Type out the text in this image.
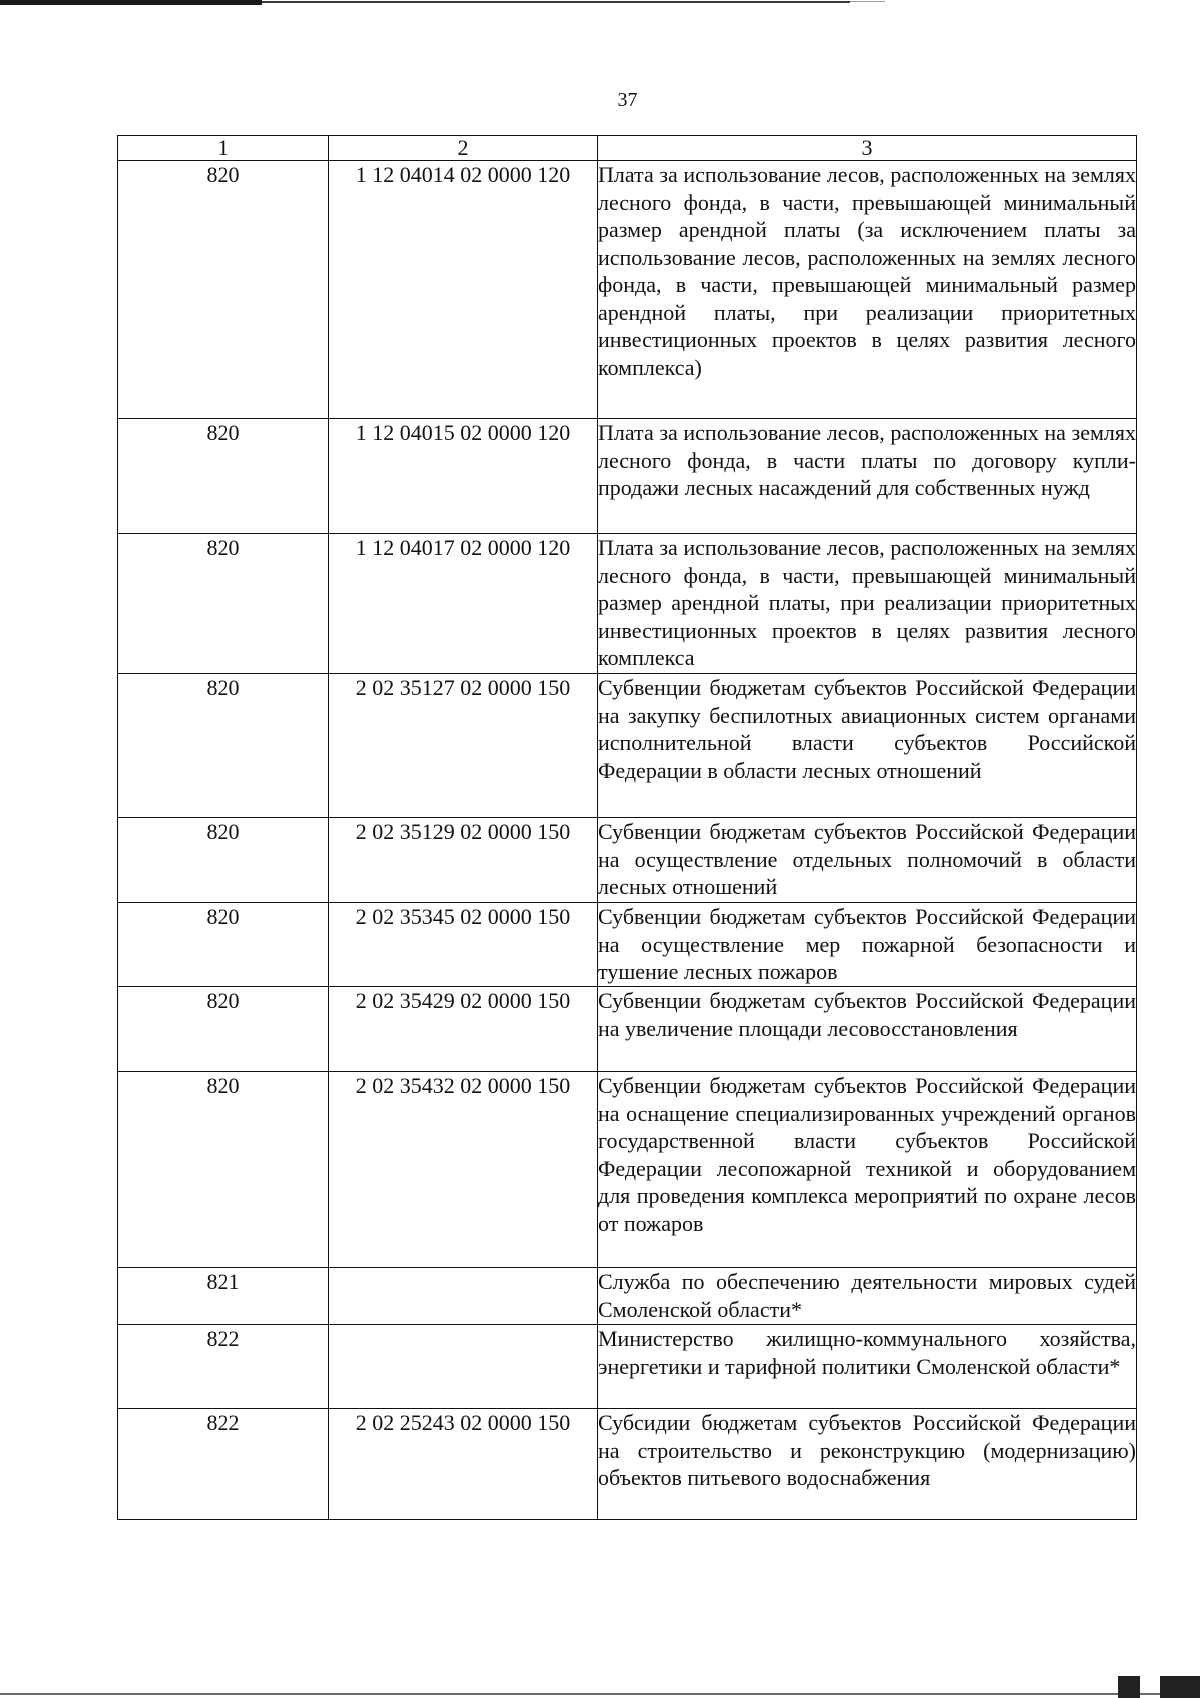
37
1	2	3
820	1 12 04014 02 0000 120	Плата за использование лесов, расположенных на землях лесного фонда, в части, превышающей минимальный размер арендной платы (за исключением платы за использование лесов, расположенных на землях лесного фонда, в части, превышающей минимальный размер арендной платы, при реализации приоритетных инвестиционных проектов в целях развития лесного комплекса)
820	1 12 04015 02 0000 120	Плата за использование лесов, расположенных на землях лесного фонда, в части платы по договору купли-продажи лесных насаждений для собственных нужд
820	1 12 04017 02 0000 120	Плата за использование лесов, расположенных на землях лесного фонда, в части, превышающей минимальный размер арендной платы, при реализации приоритетных инвестиционных проектов в целях развития лесного комплекса
820	2 02 35127 02 0000 150	Субвенции бюджетам субъектов Российской Федерации на закупку беспилотных авиационных систем органами исполнительной власти субъектов Российской Федерации в области лесных отношений
820	2 02 35129 02 0000 150	Субвенции бюджетам субъектов Российской Федерации на осуществление отдельных полномочий в области лесных отношений
820	2 02 35345 02 0000 150	Субвенции бюджетам субъектов Российской Федерации на осуществление мер пожарной безопасности и тушение лесных пожаров
820	2 02 35429 02 0000 150	Субвенции бюджетам субъектов Российской Федерации на увеличение площади лесовосстановления
820	2 02 35432 02 0000 150	Субвенции бюджетам субъектов Российской Федерации на оснащение специализированных учреждений органов государственной власти субъектов Российской Федерации лесопожарной техникой и оборудованием для проведения комплекса мероприятий по охране лесов от пожаров
821		Служба по обеспечению деятельности мировых судей Смоленской области*
822		Министерство жилищно-коммунального хозяйства, энергетики и тарифной политики Смоленской области*
822	2 02 25243 02 0000 150	Субсидии бюджетам субъектов Российской Федерации на строительство и реконструкцию (модернизацию) объектов питьевого водоснабжения
